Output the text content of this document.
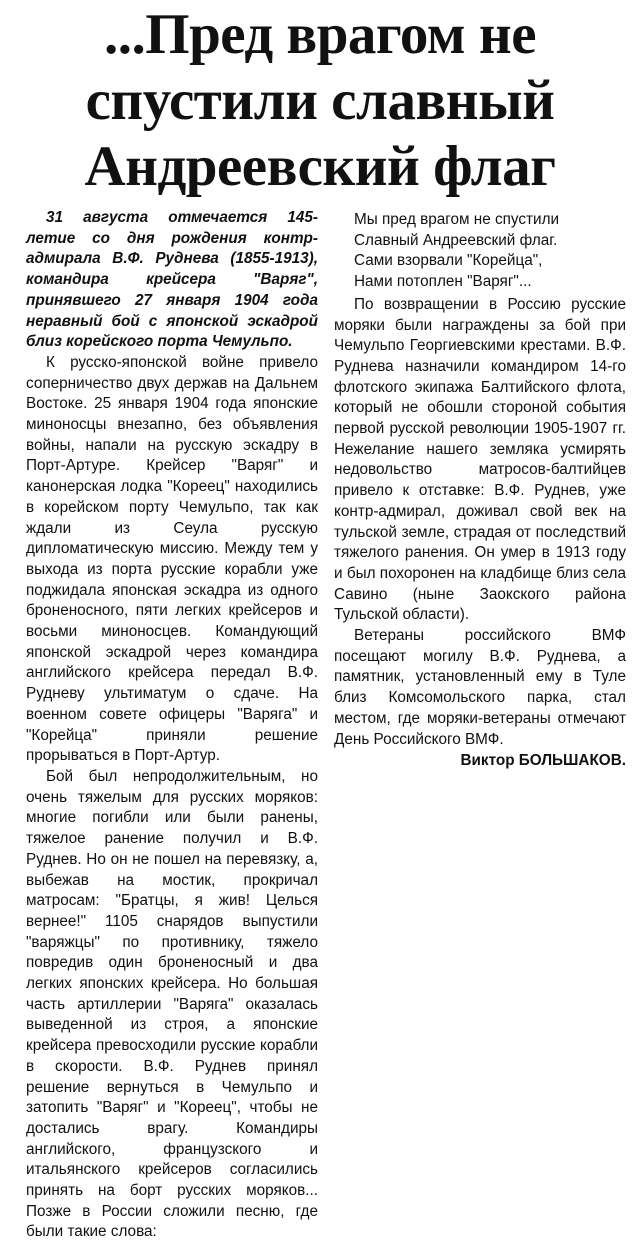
...Пред врагом не
спустили славный
Андреевский флаг

31 августа отмечается 145-летие со дня рождения контр-адмирала В.Ф. Руднева (1855-1913), командира крейсера "Варяг", принявшего 27 января 1904 года неравный бой с японской эскадрой близ корейского порта Чемульпо.

К русско-японской войне привело соперничество двух держав на Дальнем Востоке. 25 января 1904 года японские миноносцы внезапно, без объявления войны, напали на русскую эскадру в Порт-Артуре. Крейсер "Варяг" и канонерская лодка "Кореец" находились в корейском порту Чемульпо, так как ждали из Сеула русскую дипломатическую миссию. Между тем у выхода из порта русские корабли уже поджидала японская эскадра из одного броненосного, пяти легких крейсеров и восьми миноносцев. Командующий японской эскадрой через командира английского крейсера передал В.Ф. Рудневу ультиматум о сдаче. На военном совете офицеры "Варяга" и "Корейца" приняли решение прорываться в Порт-Артур.

Бой был непродолжительным, но очень тяжелым для русских моряков: многие погибли или были ранены, тяжелое ранение получил и В.Ф. Руднев. Но он не пошел на перевязку, а, выбежав на мостик, прокричал матросам: "Братцы, я жив! Целься вернее!" 1105 снарядов выпустили "варяжцы" по противнику, тяжело повредив один броненосный и два легких японских крейсера. Но большая часть артиллерии "Варяга" оказалась выведенной из строя, а японские крейсера превосходили русские корабли в скорости. В.Ф. Руднев принял решение вернуться в Чемульпо и затопить "Варяг" и "Кореец", чтобы не достались врагу. Командиры английского, французского и итальянского крейсеров согласились принять на борт русских моряков... Позже в России сложили песню, где были такие слова:

Мы пред врагом не спустили
Славный Андреевский флаг.
Сами взорвали "Корейца",
Нами потоплен "Варяг"...

По возвращении в Россию русские моряки были награждены за бой при Чемульпо Георгиевскими крестами. В.Ф. Руднева назначили командиром 14-го флотского экипажа Балтийского флота, который не обошли стороной события первой русской революции 1905-1907 гг. Нежелание нашего земляка усмирять недовольство матросов-балтийцев привело к отставке: В.Ф. Руднев, уже контр-адмирал, доживал свой век на тульской земле, страдая от последствий тяжелого ранения. Он умер в 1913 году и был похоронен на кладбище близ села Савино (ныне Заокского района Тульской области).

Ветераны российского ВМФ посещают могилу В.Ф. Руднева, а памятник, установленный ему в Туле близ Комсомольского парка, стал местом, где моряки-ветераны отмечают День Российского ВМФ.

Виктор БОЛЬШАКОВ.
